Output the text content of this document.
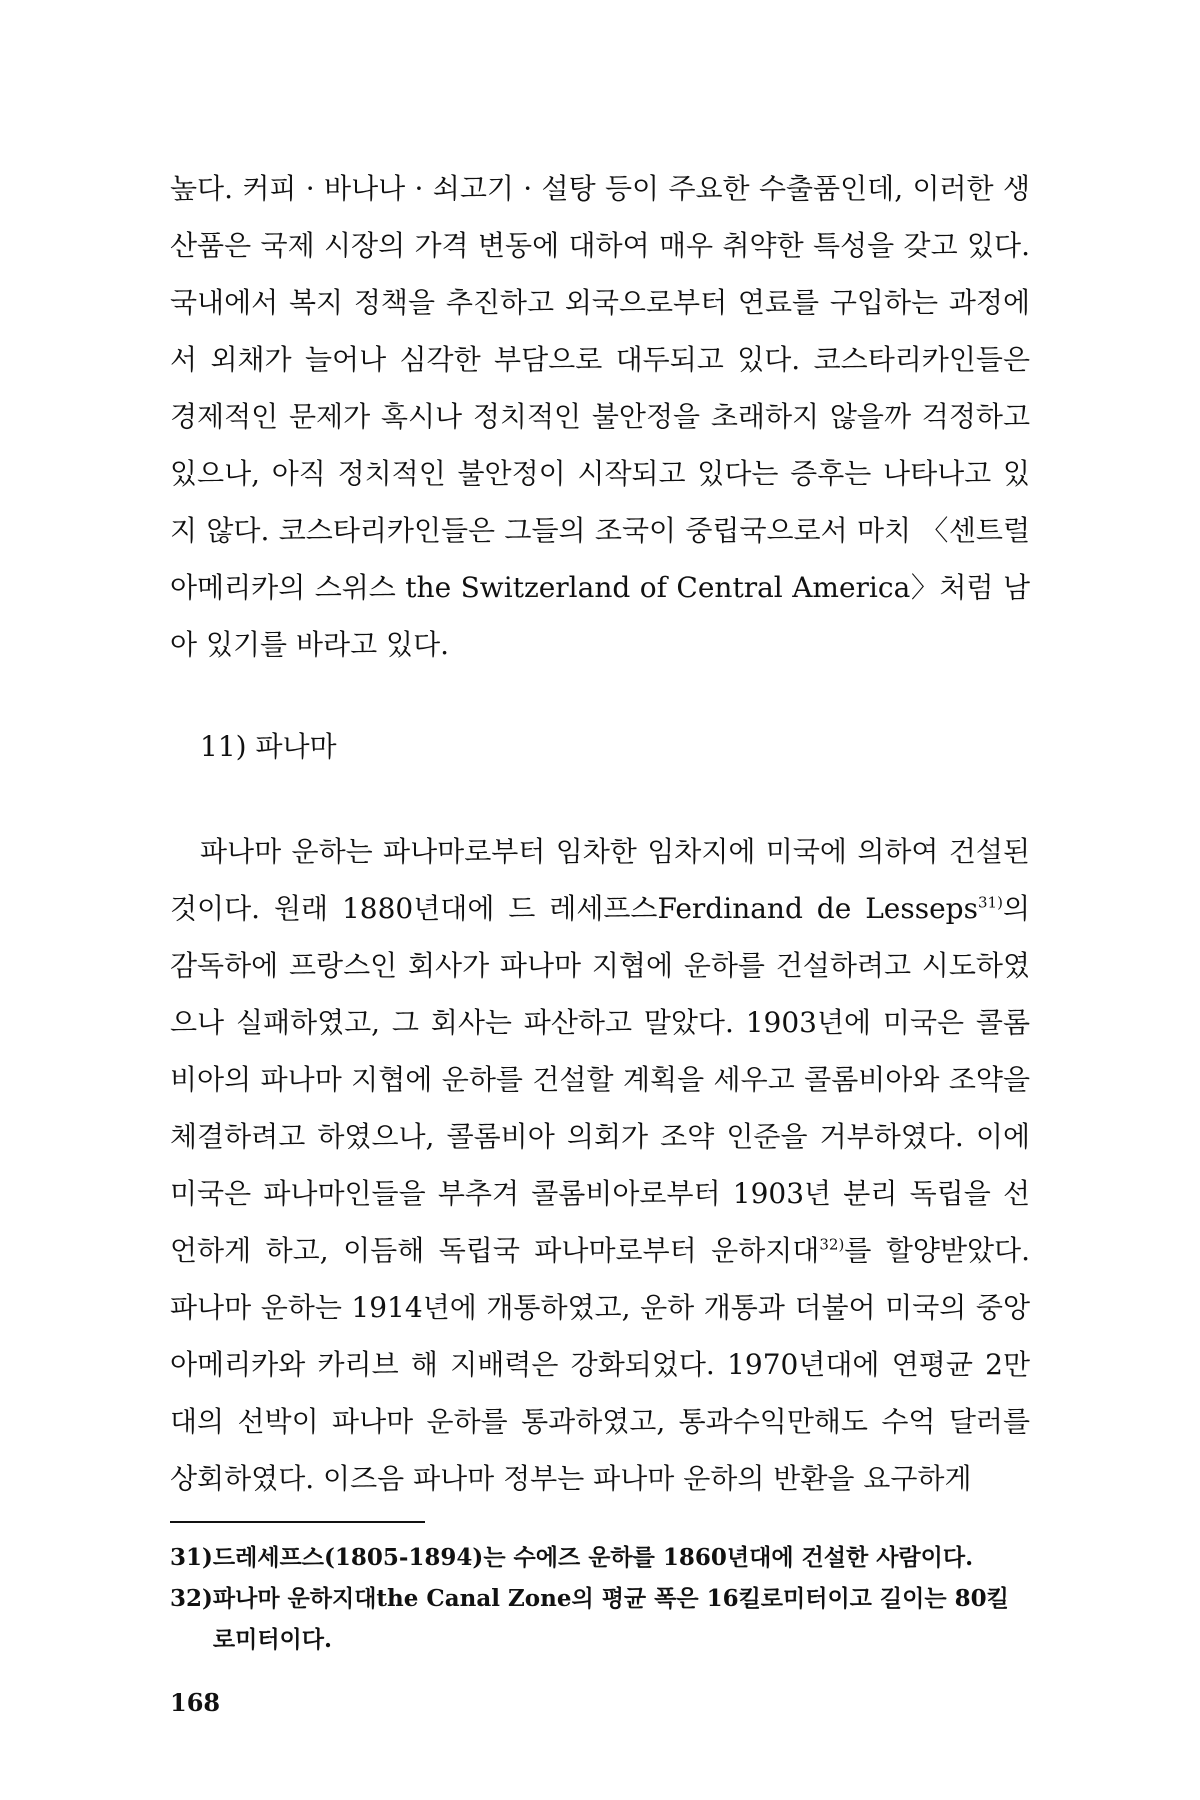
높다. 커피 · 바나나 · 쇠고기 · 설탕 등이 주요한 수출품인데, 이러한 생산품은 국제 시장의 가격 변동에 대하여 매우 취약한 특성을 갖고 있다. 국내에서 복지 정책을 추진하고 외국으로부터 연료를 구입하는 과정에서 외채가 늘어나 심각한 부담으로 대두되고 있다. 코스타리카인들은 경제적인 문제가 혹시나 정치적인 불안정을 초래하지 않을까 걱정하고 있으나, 아직 정치적인 불안정이 시작되고 있다는 증후는 나타나고 있지 않다. 코스타리카인들은 그들의 조국이 중립국으로서 마치 〈센트럴아메리카의 스위스 the Switzerland of Central America〉처럼 남아 있기를 바라고 있다.

11) 파나마

파나마 운하는 파나마로부터 임차한 임차지에 미국에 의하여 건설된 것이다. 원래 1880년대에 드 레세프스Ferdinand de Lesseps$^{31)}$의 감독하에 프랑스인 회사가 파나마 지협에 운하를 건설하려고 시도하였으나 실패하였고, 그 회사는 파산하고 말았다. 1903년에 미국은 콜롬비아의 파나마 지협에 운하를 건설할 계획을 세우고 콜롬비아와 조약을 체결하려고 하였으나, 콜롬비아 의회가 조약 인준을 거부하였다. 이에 미국은 파나마인들을 부추겨 콜롬비아로부터 1903년 분리 독립을 선언하게 하고, 이듬해 독립국 파나마로부터 운하지대$^{32)}$를 할양받았다. 파나마 운하는 1914년에 개통하였고, 운하 개통과 더불어 미국의 중앙아메리카와 카리브 해 지배력은 강화되었다. 1970년대에 연평균 2만 대의 선박이 파나마 운하를 통과하였고, 통과수익만해도 수억 달러를 상회하였다. 이즈음 파나마 정부는 파나마 운하의 반환을 요구하게

31) 드레세프스(1805-1894)는 수에즈 운하를 1860년대에 건설한 사람이다.
32) 파나마 운하지대the Canal Zone의 평균 폭은 16킬로미터이고 길이는 80킬로미터이다.
168
